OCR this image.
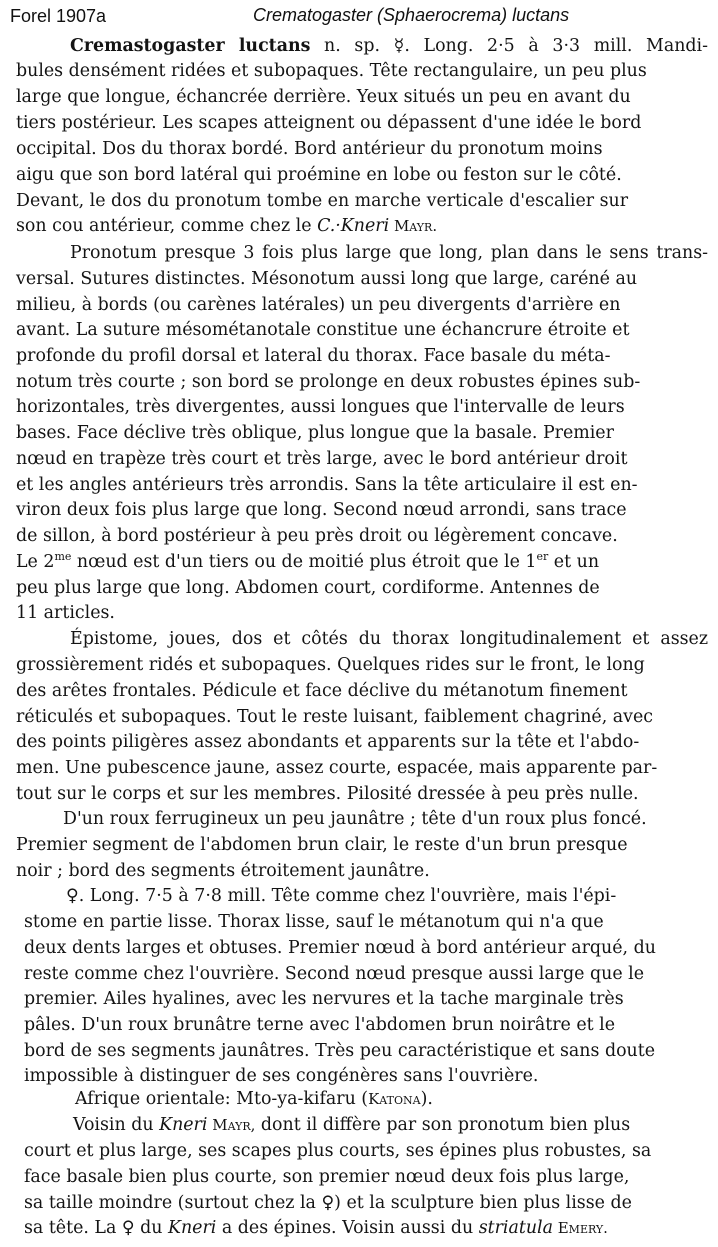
Forel 1907a	Crematogaster (Sphaerocrema) luctans
Cremastogaster luctans n. sp. ☿. Long. 2·5 à 3·3 mill. Mandi-
bules densément ridées et subopaques. Tête rectangulaire, un peu plus
large que longue, échancrée derrière. Yeux situés un peu en avant du
tiers postérieur. Les scapes atteignent ou dépassent d'une idée le bord
occipital. Dos du thorax bordé. Bord antérieur du pronotum moins
aigu que son bord latéral qui proémine en lobe ou feston sur le côté.
Devant, le dos du pronotum tombe en marche verticale d'escalier sur
son cou antérieur, comme chez le C.·Kneri Mayr.
Pronotum presque 3 fois plus large que long, plan dans le sens trans-
versal. Sutures distinctes. Mésonotum aussi long que large, caréné au
milieu, à bords (ou carènes latérales) un peu divergents d'arrière en
avant. La suture mésométanotale constitue une échancrure étroite et
profonde du profil dorsal et lateral du thorax. Face basale du méta-
notum très courte ; son bord se prolonge en deux robustes épines sub-
horizontales, très divergentes, aussi longues que l'intervalle de leurs
bases. Face déclive très oblique, plus longue que la basale. Premier
nœud en trapèze très court et très large, avec le bord antérieur droit
et les angles antérieurs très arrondis. Sans la tête articulaire il est en-
viron deux fois plus large que long. Second nœud arrondi, sans trace
de sillon, à bord postérieur à peu près droit ou légèrement concave.
Le $2^{me}$ nœud est d'un tiers ou de moitié plus étroit que le 1er et un
peu plus large que long. Abdomen court, cordiforme. Antennes de
11 articles.
Épistome, joues, dos et côtés du thorax longitudinalement et assez
grossièrement ridés et subopaques. Quelques rides sur le front, le long
des arêtes frontales. Pédicule et face déclive du métanotum finement
réticulés et subopaques. Tout le reste luisant, faiblement chagriné, avec
des points piligères assez abondants et apparents sur la tête et l'abdo-
men. Une pubescence jaune, assez courte, espacée, mais apparente par-
tout sur le corps et sur les membres. Pilosité dressée à peu près nulle.
D'un roux ferrugineux un peu jaunâtre ; tête d'un roux plus foncé.
Premier segment de l'abdomen brun clair, le reste d'un brun presque
noir ; bord des segments étroitement jaunâtre.
♀. Long. 7·5 à 7·8 mill. Tête comme chez l'ouvrière, mais l'épi-
stome en partie lisse. Thorax lisse, sauf le métanotum qui n'a que
deux dents larges et obtuses. Premier nœud à bord antérieur arqué, du
reste comme chez l'ouvrière. Second nœud presque aussi large que le
premier. Ailes hyalines, avec les nervures et la tache marginale très
pâles. D'un roux brunâtre terne avec l'abdomen brun noirâtre et le
bord de ses segments jaunâtres. Très peu caractéristique et sans doute
impossible à distinguer de ses congénères sans l'ouvrière.
Afrique orientale: Mto-ya-kifaru (Katona).
Voisin du Kneri Mayr, dont il diffère par son pronotum bien plus
court et plus large, ses scapes plus courts, ses épines plus robustes, sa
face basale bien plus courte, son premier nœud deux fois plus large,
sa taille moindre (surtout chez la ♀) et la sculpture bien plus lisse de
sa tête. La ♀ du Kneri a des épines. Voisin aussi du striatula Emery.
